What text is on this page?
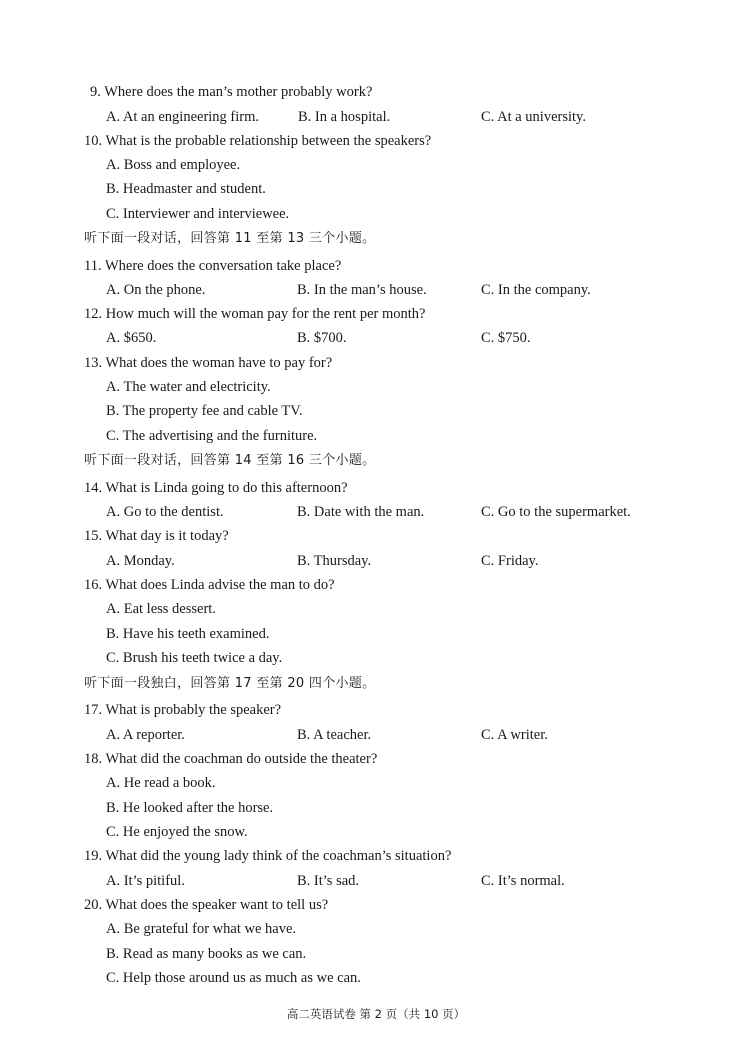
9. Where does the man’s mother probably work?
A. At an engineering firm.	B. In a hospital.	C. At a university.
10. What is the probable relationship between the speakers?
A. Boss and employee.
B. Headmaster and student.
C. Interviewer and interviewee.
听下面一段对话，回答第 11 至第 13 三个小题。
11. Where does the conversation take place?
A. On the phone.	B. In the man’s house.	C. In the company.
12. How much will the woman pay for the rent per month?
A. $650.	B. $700.	C. $750.
13. What does the woman have to pay for?
A. The water and electricity.
B. The property fee and cable TV.
C. The advertising and the furniture.
听下面一段对话，回答第 14 至第 16 三个小题。
14. What is Linda going to do this afternoon?
A. Go to the dentist.	B. Date with the man.	C. Go to the supermarket.
15. What day is it today?
A. Monday.	B. Thursday.	C. Friday.
16. What does Linda advise the man to do?
A. Eat less dessert.
B. Have his teeth examined.
C. Brush his teeth twice a day.
听下面一段独白，回答第 17 至第 20 四个小题。
17. What is probably the speaker?
A. A reporter.	B. A teacher.	C. A writer.
18. What did the coachman do outside the theater?
A. He read a book.
B. He looked after the horse.
C. He enjoyed the snow.
19. What did the young lady think of the coachman’s situation?
A. It’s pitiful.	B. It’s sad.	C. It’s normal.
20. What does the speaker want to tell us?
A. Be grateful for what we have.
B. Read as many books as we can.
C. Help those around us as much as we can.
高二英语试卷 第 2 页（共 10 页）
